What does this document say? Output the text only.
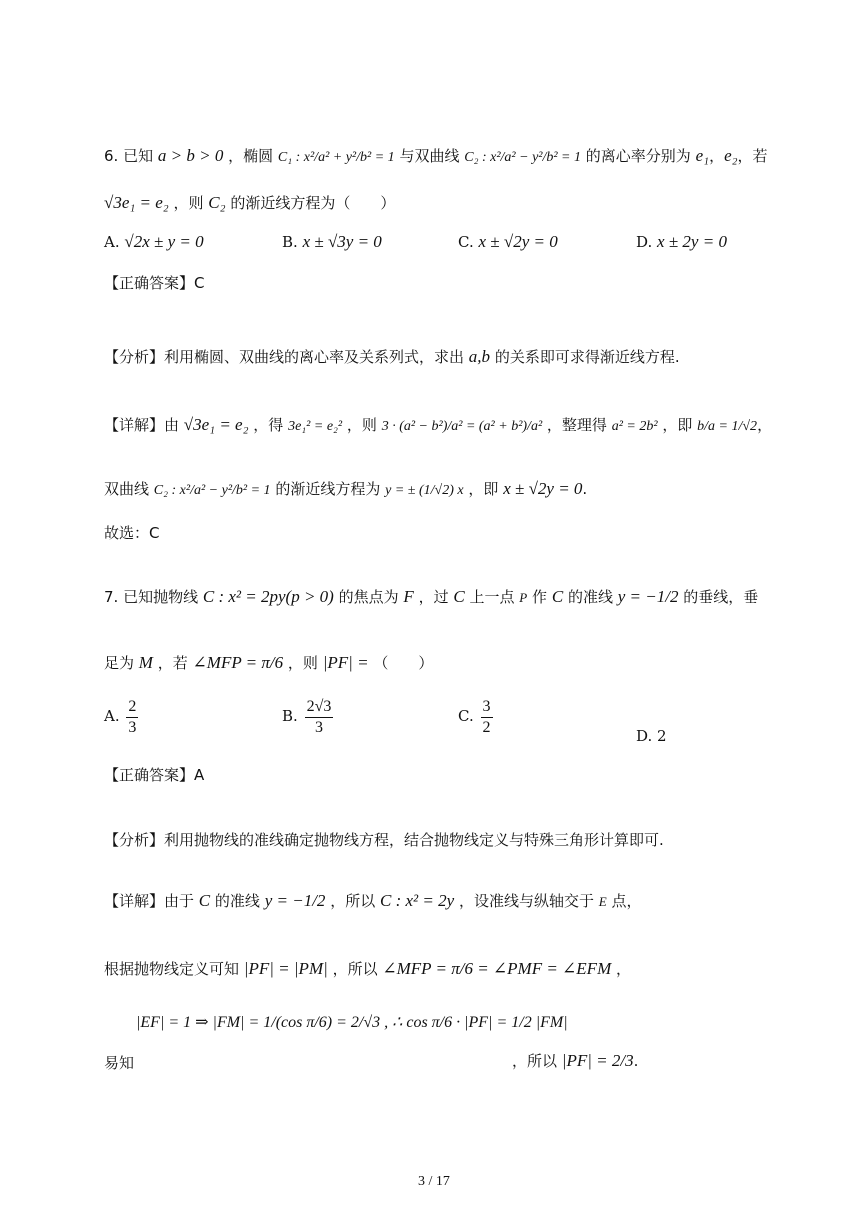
6. 已知 a > b > 0 ，椭圆 C₁ : x²/a² + y²/b² = 1 与双曲线 C₂ : x²/a² − y²/b² = 1 的离心率分别为 e₁，e₂，若
√3e₁ = e₂ ，则 C₂ 的渐近线方程为（　　）
A. √2x ± y = 0	B. x ± √3y = 0	C. x ± √2y = 0	D. x ± 2y = 0
【正确答案】C
【分析】利用椭圆、双曲线的离心率及关系列式，求出 a,b 的关系即可求得渐近线方程.
【详解】由 √3e₁ = e₂ ，得 3e₁² = e₂² ，则 3 · (a² − b²)/a² = (a² + b²)/a² ，整理得 a² = 2b² ，即 b/a = 1/√2，
双曲线 C₂ : x²/a² − y²/b² = 1 的渐近线方程为 y = ± (1/√2) x ，即 x ± √2y = 0.
故选：C
7. 已知抛物线 C : x² = 2py(p > 0) 的焦点为 F ，过 C 上一点 P 作 C 的准线 y = −1/2 的垂线，垂
足为 M ，若 ∠MFP = π/6 ，则 |PF| = （　　）
A. $\frac{2}{3}$	B. $\frac{2√3}{3}$	C. $\frac{3}{2}$	D. 2
【正确答案】A
【分析】利用抛物线的准线确定抛物线方程，结合抛物线定义与特殊三角形计算即可.
【详解】由于 C 的准线 y = −1/2 ，所以 C : x² = 2y ，设准线与纵轴交于 E 点，
根据抛物线定义可知 |PF| = |PM| ，所以 ∠MFP = π/6 = ∠PMF = ∠EFM ，
|EF| = 1 ⇒ |FM| = 1/(cos π/6) = 2/√3 , ∴ cos π/6 · |PF| = 1/2 |FM|
易知	，所以 |PF| = 2/3.
3 / 17
